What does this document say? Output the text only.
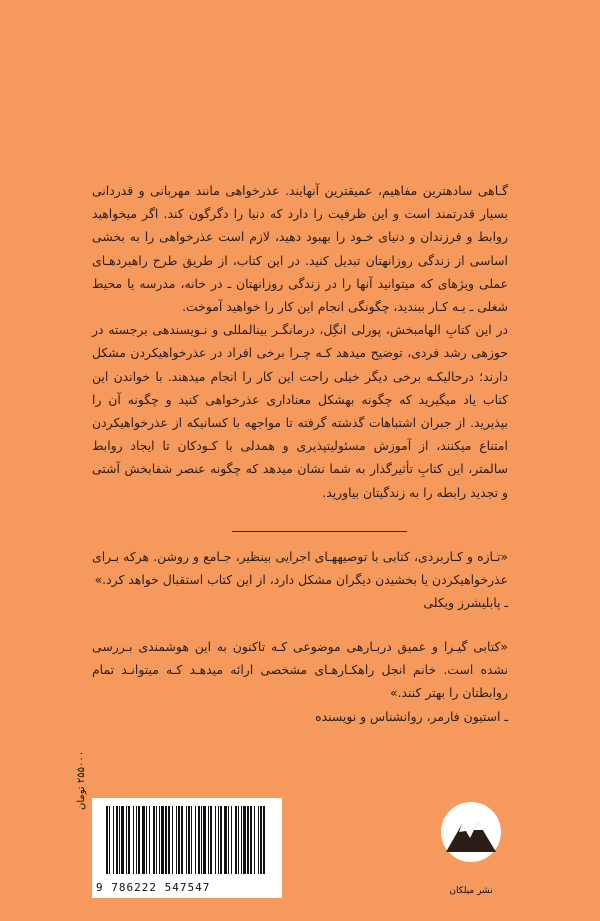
گـاهی سادهترین مفاهیم، عمیقترین آنهایند. عذرخواهی مانند مهربانی و قدردانی بسیار قدرتمند است و این ظرفیت را دارد که دنیا را دگرگون کند. اگر میخواهید روابط و فرزندان و دنیای خـود را بهبود دهید، لازم است عذرخواهی را به بخشی اساسی از زندگی روزانهتان تبدیل کنید. در این کتاب، از طریق طرح راهبردهـای عملی ویژهای که میتوانید آنها را در زندگی روزانهتان ـ در خانه، مدرسه یا محیط شغلی ـ بـه کـار ببندید، چگونگی انجام این کار را خواهید آموخت.

در این کتابِ الهامبخش، پورلی انگِل، درمانگـر بینالمللی و نـویسندهی برجسته در حوزهی رشد فردی، توضیح میدهد کـه چـرا برخی افراد در عذرخواهیکردن مشکل دارند؛ درحالیکـه برخی دیگر خیلی راحت این کار را انجام میدهند. با خواندن این کتاب یاد میگیرید که چگونه بهشکل معناداری عذرخواهی کنید و چگونه آن را بپذیرید. از جبران اشتباهات گذشته گرفته تا مواجهه با کسانیکه از عذرخواهیکردن امتناع میکنند، از آموزش مسئولیتپذیری و همدلی با کـودکان تا ایجاد روابط سالمتر، این کتابِ تأثیرگذار به شما نشان میدهد که چگونه عنصر شفابخش آشتی و تجدید رابطه را به زندگیتان بیاورید.

«تـازه و کـاربردی، کتابی با توصیههـای اجرایی بینظیر، جـامع و روشن. هرکه بـرای عذرخواهیکردن یا بخشیدن دیگران مشکل دارد، از این کتاب استقبال خواهد کرد.»

ـ پابلیشرز ویکلی

«کتابی گیـرا و عمیق دربـارهی موضوعی کـه تاکنون به این هوشمندی بـررسی نشده است. خانم انجل راهکـارهـای مشخصی ارائه میدهـد کـه میتوانـد تمام روابطتان را بهتر کنند.»

ـ استیون فارمر، روانشناس و نویسنده

9 786222 547547
۲۵۵۰۰۰ تومان
نشر میلکان
